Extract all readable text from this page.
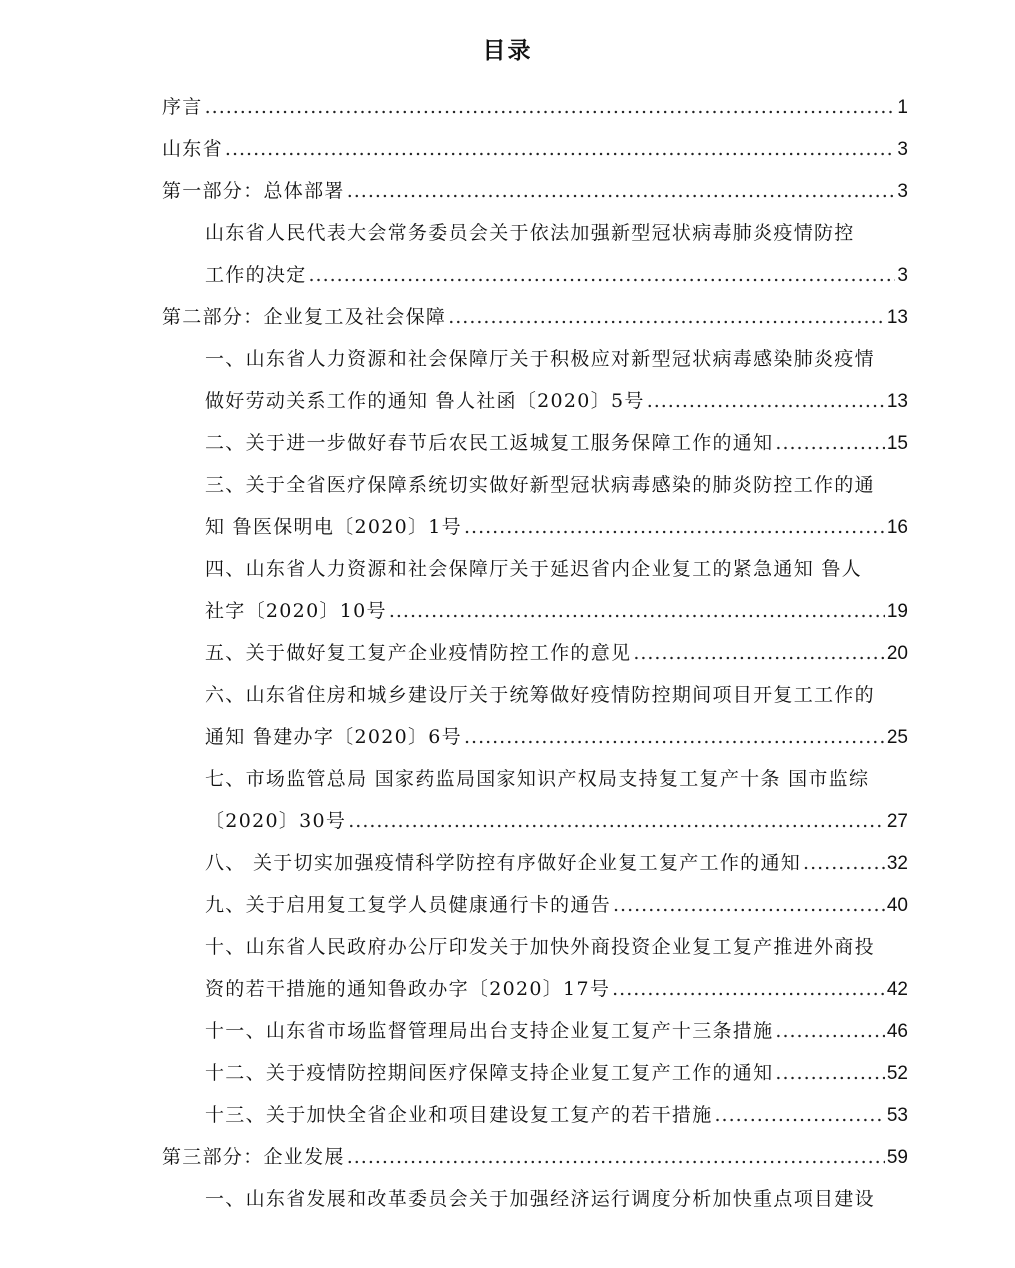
目录
序言 .....	1
山东省 .....	3
第一部分：总体部署 .....	3
山东省人民代表大会常务委员会关于依法加强新型冠状病毒肺炎疫情防控
工作的决定 .....	3
第二部分：企业复工及社会保障 .....	13
一、山东省人力资源和社会保障厅关于积极应对新型冠状病毒感染肺炎疫情
做好劳动关系工作的通知 鲁人社函〔2020〕5号 .....	13
二、关于进一步做好春节后农民工返城复工服务保障工作的通知 .....	15
三、关于全省医疗保障系统切实做好新型冠状病毒感染的肺炎防控工作的通
知 鲁医保明电〔2020〕1号 .....	16
四、山东省人力资源和社会保障厅关于延迟省内企业复工的紧急通知 鲁人
社字〔2020〕10号 .....	19
五、关于做好复工复产企业疫情防控工作的意见 .....	20
六、山东省住房和城乡建设厅关于统筹做好疫情防控期间项目开复工工作的
通知 鲁建办字〔2020〕6号 .....	25
七、市场监管总局 国家药监局国家知识产权局支持复工复产十条 国市监综
〔2020〕30号 .....	27
八、 关于切实加强疫情科学防控有序做好企业复工复产工作的通知 .....	32
九、关于启用复工复学人员健康通行卡的通告 .....	40
十、山东省人民政府办公厅印发关于加快外商投资企业复工复产推进外商投
资的若干措施的通知鲁政办字〔2020〕17号 .....	42
十一、山东省市场监督管理局出台支持企业复工复产十三条措施 .....	46
十二、关于疫情防控期间医疗保障支持企业复工复产工作的通知 .....	52
十三、关于加快全省企业和项目建设复工复产的若干措施 .....	53
第三部分：企业发展 .....	59
一、山东省发展和改革委员会关于加强经济运行调度分析加快重点项目建设
